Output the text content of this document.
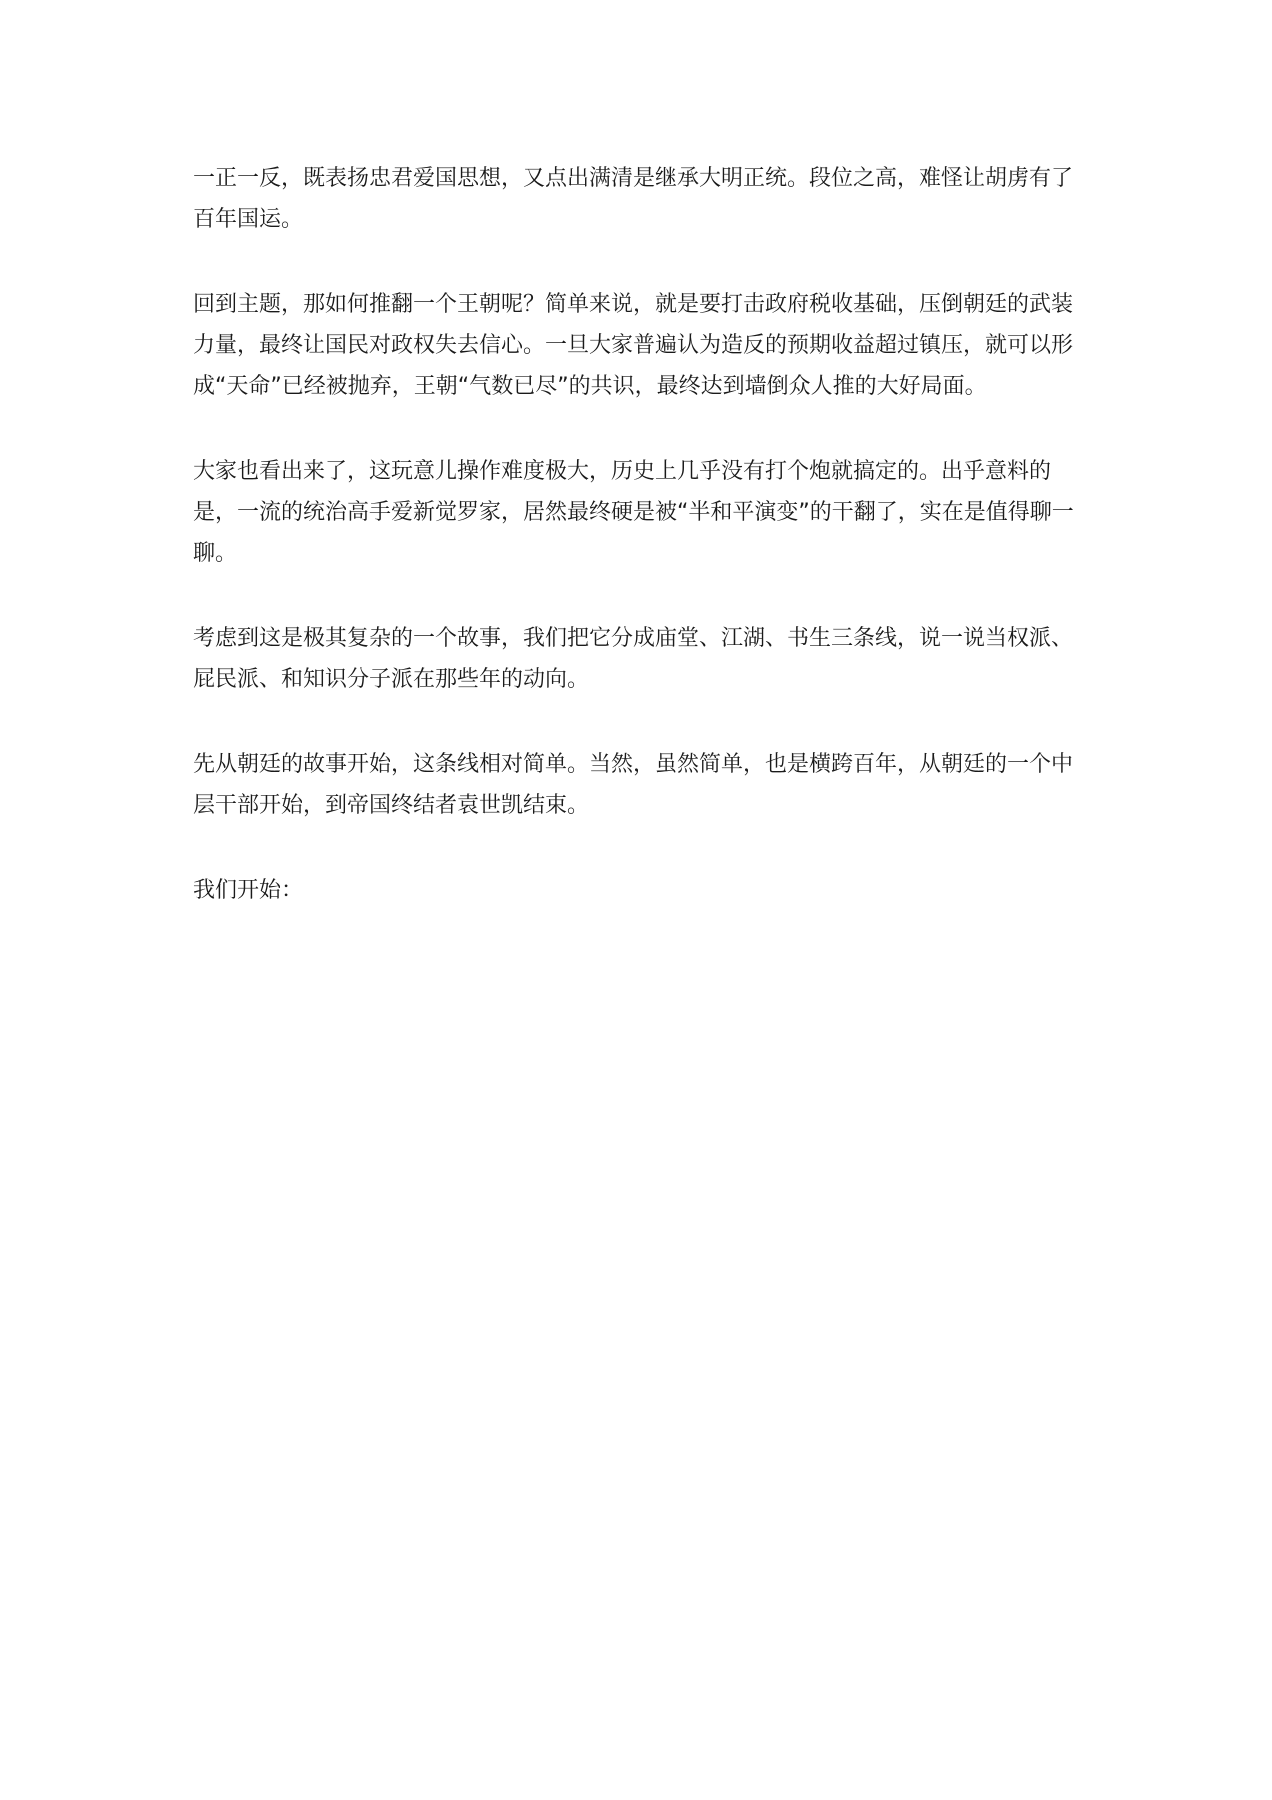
一正一反，既表扬忠君爱国思想，又点出满清是继承大明正统。段位之高，难怪让胡虏有了百年国运。

回到主题，那如何推翻一个王朝呢？简单来说，就是要打击政府税收基础，压倒朝廷的武装力量，最终让国民对政权失去信心。一旦大家普遍认为造反的预期收益超过镇压，就可以形成“天命”已经被抛弃，王朝“气数已尽”的共识，最终达到墙倒众人推的大好局面。

大家也看出来了，这玩意儿操作难度极大，历史上几乎没有打个炮就搞定的。出乎意料的是，一流的统治高手爱新觉罗家，居然最终硬是被“半和平演变”的干翻了，实在是值得聊一聊。

考虑到这是极其复杂的一个故事，我们把它分成庙堂、江湖、书生三条线，说一说当权派、屁民派、和知识分子派在那些年的动向。

先从朝廷的故事开始，这条线相对简单。当然，虽然简单，也是横跨百年，从朝廷的一个中层干部开始，到帝国终结者袁世凯结束。

我们开始：
